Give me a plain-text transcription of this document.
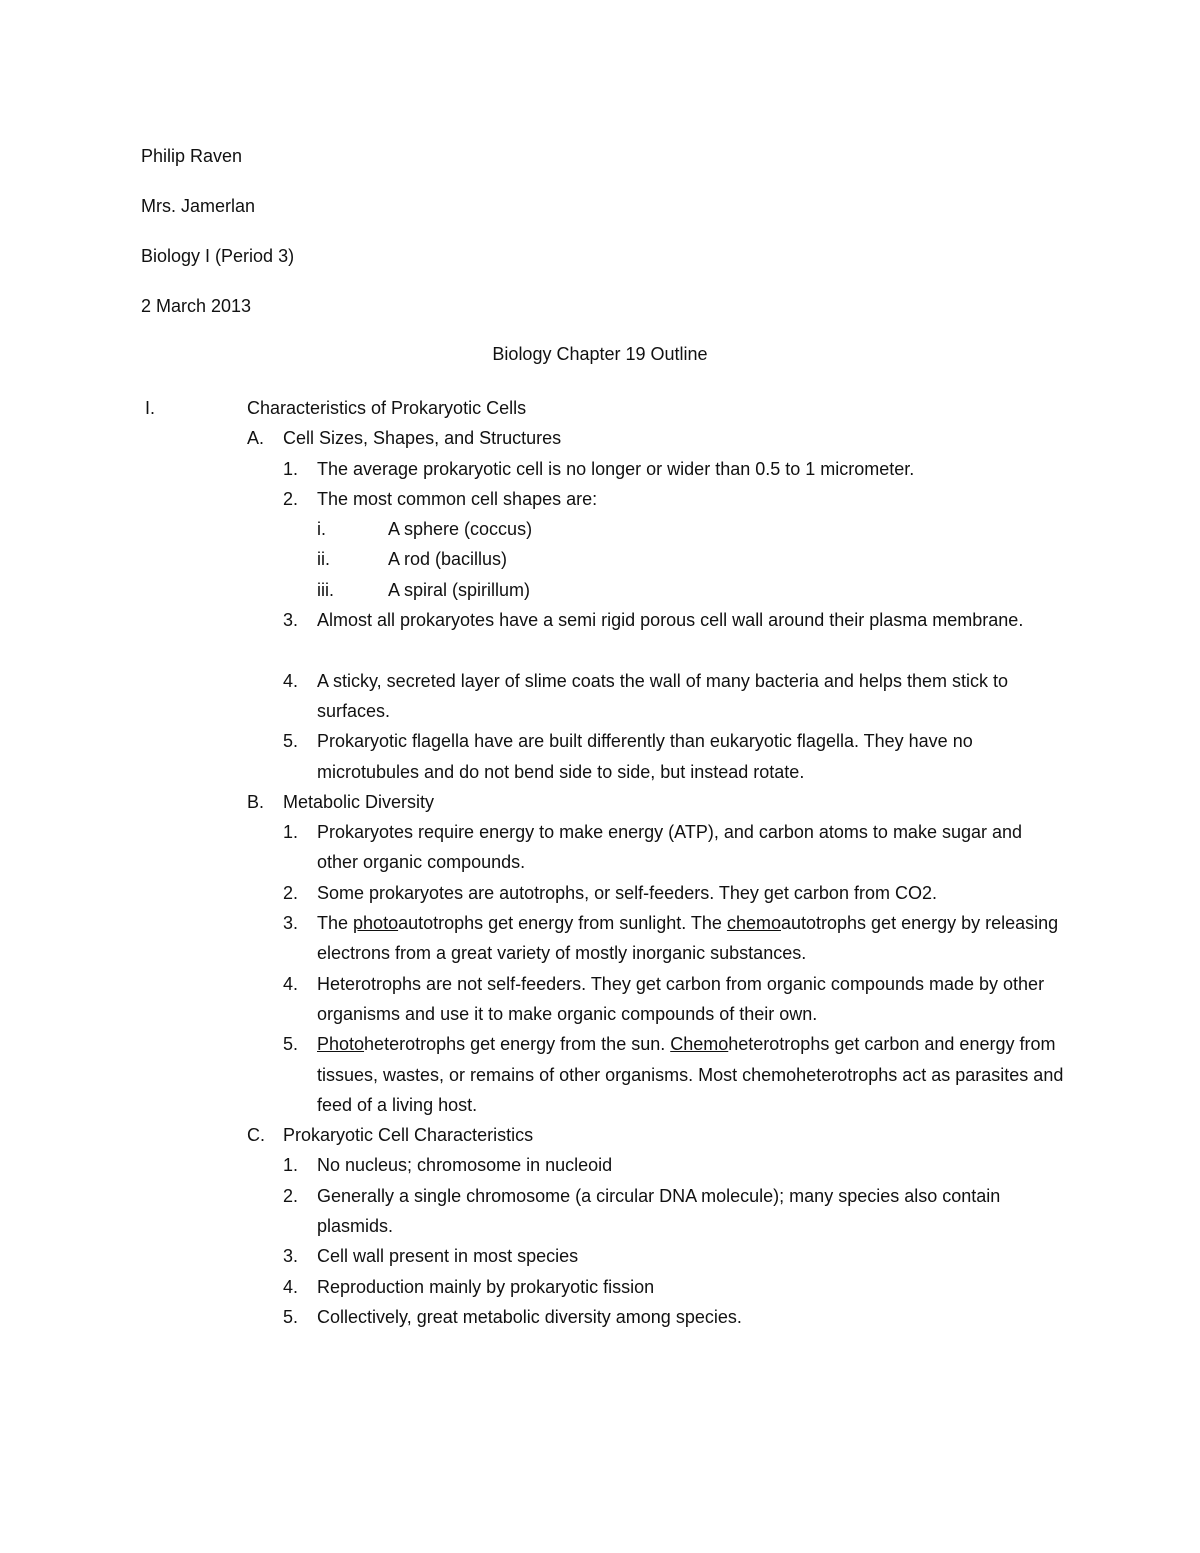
Philip Raven

Mrs. Jamerlan

Biology I (Period 3)

2 March 2013

Biology Chapter 19 Outline

I.	Characteristics of Prokaryotic Cells
A. Cell Sizes, Shapes, and Structures
1. The average prokaryotic cell is no longer or wider than 0.5 to 1 micrometer.
2. The most common cell shapes are:
i.	A sphere (coccus)
ii.	A rod (bacillus)
iii.	A spiral (spirillum)
3. Almost all prokaryotes have a semi rigid porous cell wall around their plasma membrane.
4. A sticky, secreted layer of slime coats the wall of many bacteria and helps them stick to surfaces.
5. Prokaryotic flagella have are built differently than eukaryotic flagella. They have no microtubules and do not bend side to side, but instead rotate.
B. Metabolic Diversity
1. Prokaryotes require energy to make energy (ATP), and carbon atoms to make sugar and other organic compounds.
2. Some prokaryotes are autotrophs, or self-feeders. They get carbon from CO2.
3. The photoautotrophs get energy from sunlight. The chemoautotrophs get energy by releasing electrons from a great variety of mostly inorganic substances.
4. Heterotrophs are not self-feeders. They get carbon from organic compounds made by other organisms and use it to make organic compounds of their own.
5. Photoheterotrophs get energy from the sun. Chemoheterotrophs get carbon and energy from tissues, wastes, or remains of other organisms. Most chemoheterotrophs act as parasites and feed of a living host.
C. Prokaryotic Cell Characteristics
1. No nucleus; chromosome in nucleoid
2. Generally a single chromosome (a circular DNA molecule); many species also contain plasmids.
3. Cell wall present in most species
4. Reproduction mainly by prokaryotic fission
5. Collectively, great metabolic diversity among species.
